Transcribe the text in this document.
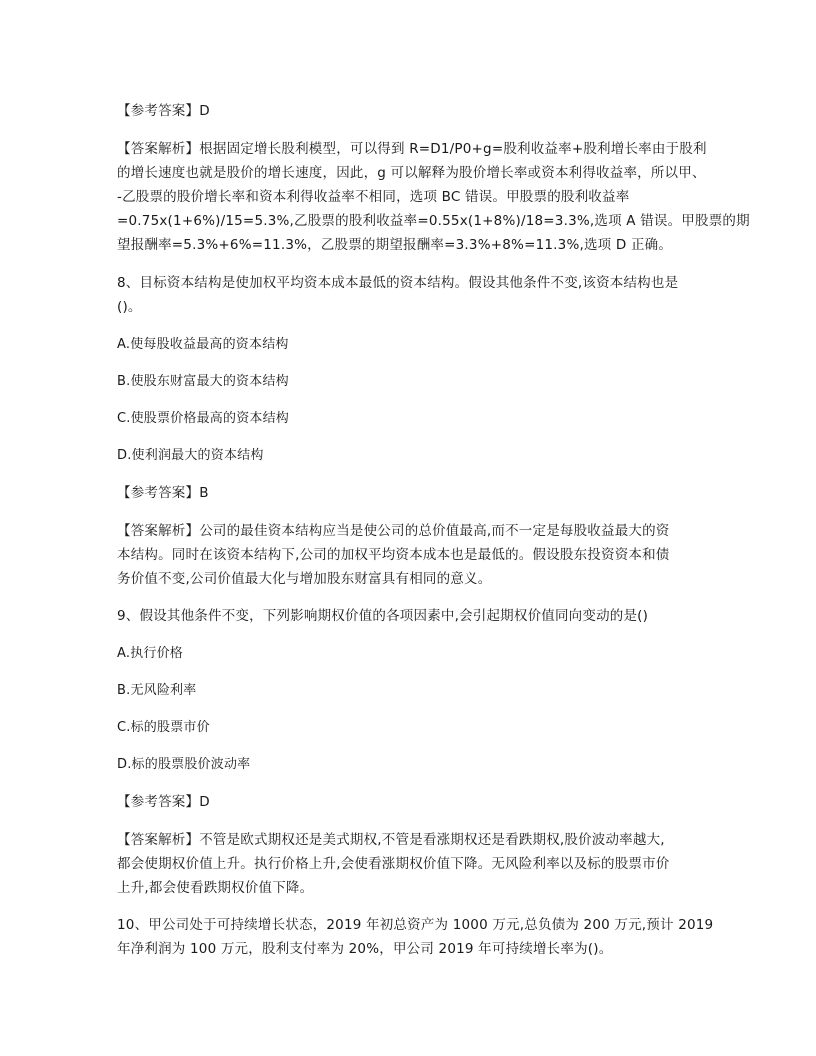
【参考答案】D
【答案解析】根据固定增长股利模型，可以得到 R=D1/P0+g=股利收益率+股利增长率由于股利
的增长速度也就是股价的增长速度，因此，g 可以解释为股价增长率或资本利得收益率，所以甲、
-乙股票的股价增长率和资本利得收益率不相同，选项 BC 错误。甲股票的股利收益率
=0.75x(1+6%)/15=5.3%,乙股票的股利收益率=0.55x(1+8%)/18=3.3%,选项 A 错误。甲股票的期
望报酬率=5.3%+6%=11.3%，乙股票的期望报酬率=3.3%+8%=11.3%,选项 D 正确。
8、目标资本结构是使加权平均资本成本最低的资本结构。假设其他条件不变,该资本结构也是
()。
A.使每股收益最高的资本结构
B.使股东财富最大的资本结构
C.使股票价格最高的资本结构
D.使利润最大的资本结构
【参考答案】B
【答案解析】公司的最佳资本结构应当是使公司的总价值最高,而不一定是每股收益最大的资
本结构。同时在该资本结构下,公司的加权平均资本成本也是最低的。假设股东投资资本和债
务价值不变,公司价值最大化与增加股东财富具有相同的意义。
9、假设其他条件不变，下列影响期权价值的各项因素中,会引起期权价值同向变动的是()
A.执行价格
B.无风险利率
C.标的股票市价
D.标的股票股价波动率
【参考答案】D
【答案解析】不管是欧式期权还是美式期权,不管是看涨期权还是看跌期权,股价波动率越大,
都会使期权价值上升。执行价格上升,会使看涨期权价值下降。无风险利率以及标的股票市价
上升,都会使看跌期权价值下降。
10、甲公司处于可持续增长状态，2019 年初总资产为 1000 万元,总负债为 200 万元,预计 2019
年净利润为 100 万元，股利支付率为 20%，甲公司 2019 年可持续增长率为()。
